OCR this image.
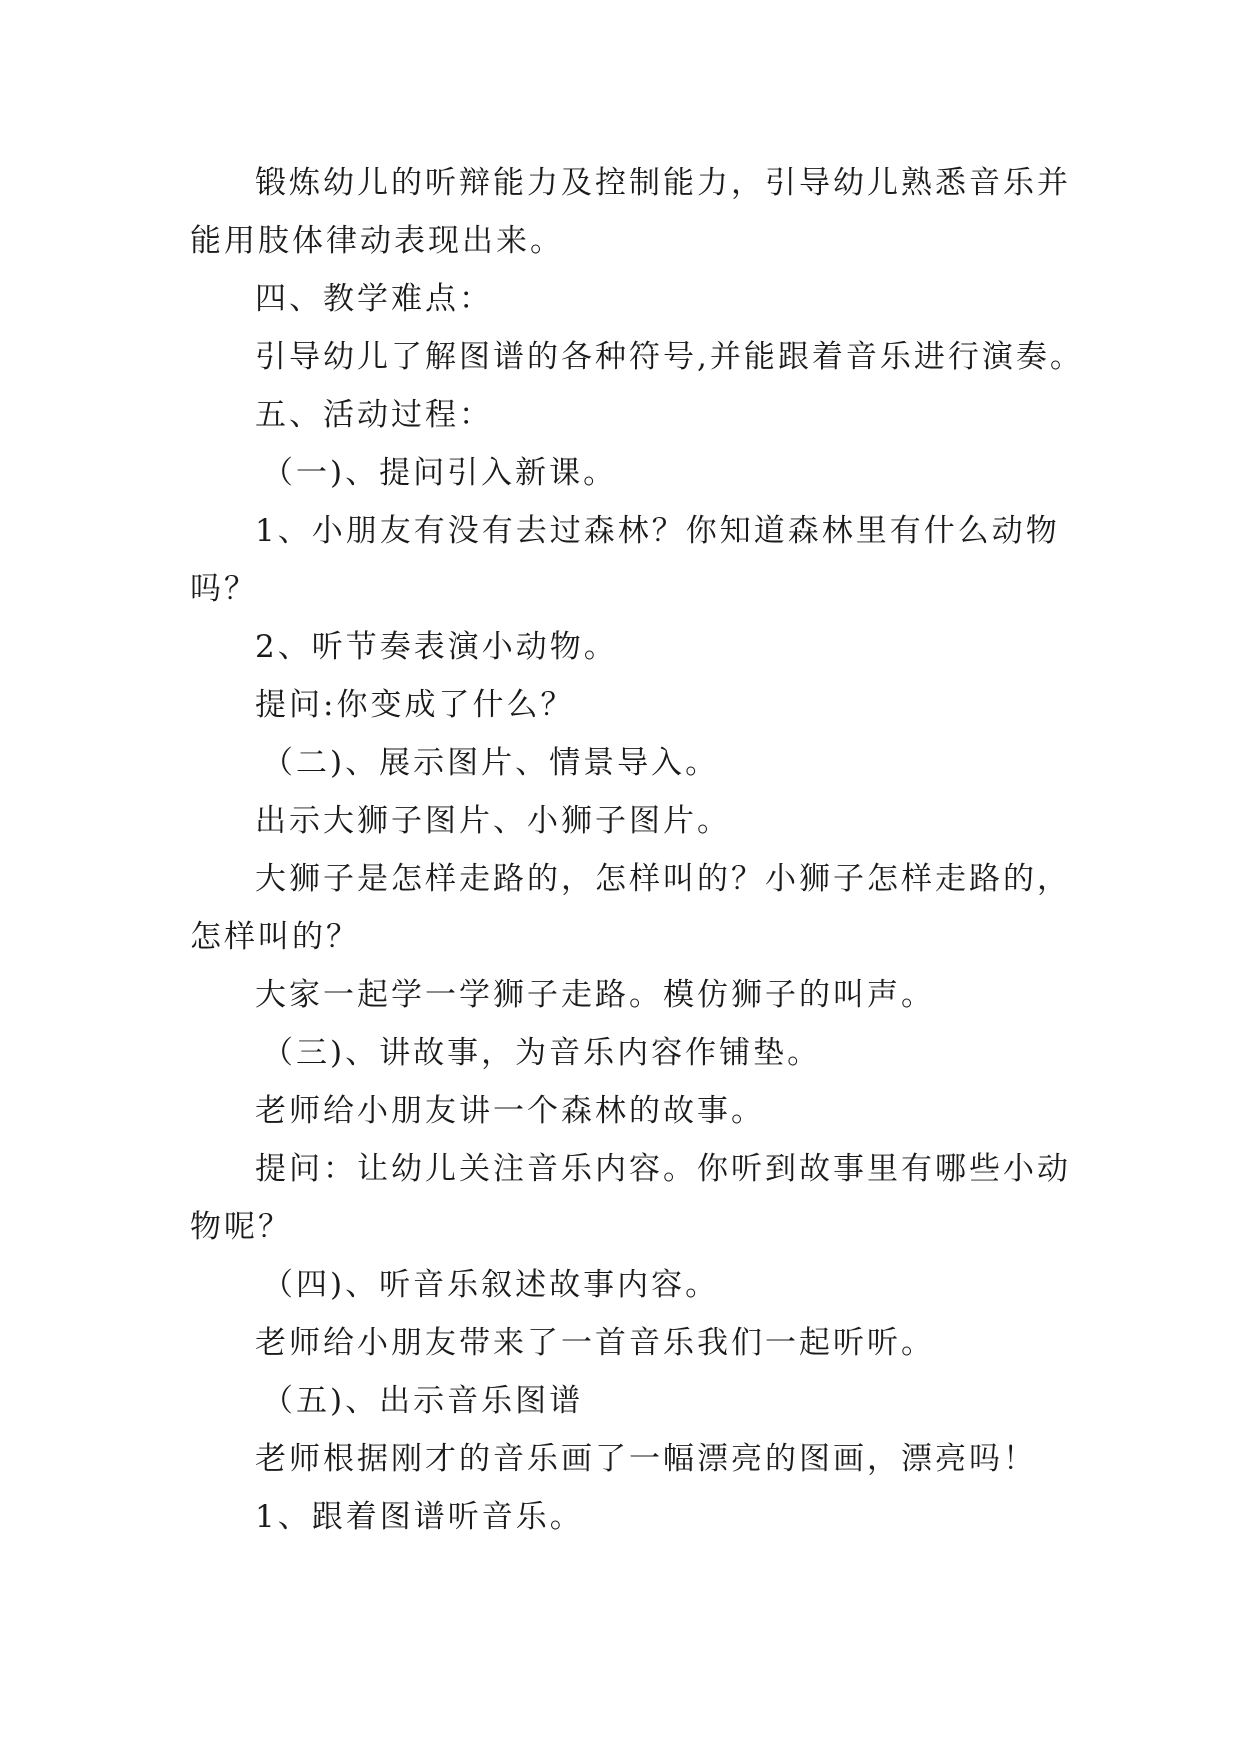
锻炼幼儿的听辩能力及控制能力，引导幼儿熟悉音乐并
能用肢体律动表现出来。
四、教学难点：
引导幼儿了解图谱的各种符号,并能跟着音乐进行演奏。
五、活动过程：
（一)、提问引入新课。
1、小朋友有没有去过森林？你知道森林里有什么动物
吗？
2、听节奏表演小动物。
提问:你变成了什么？
（二)、展示图片、情景导入。
出示大狮子图片、小狮子图片。
大狮子是怎样走路的，怎样叫的？小狮子怎样走路的，
怎样叫的？
大家一起学一学狮子走路。模仿狮子的叫声。
（三)、讲故事，为音乐内容作铺垫。
老师给小朋友讲一个森林的故事。
提问：让幼儿关注音乐内容。你听到故事里有哪些小动
物呢？
（四)、听音乐叙述故事内容。
老师给小朋友带来了一首音乐我们一起听听。
（五)、出示音乐图谱
老师根据刚才的音乐画了一幅漂亮的图画，漂亮吗！
1、跟着图谱听音乐。
